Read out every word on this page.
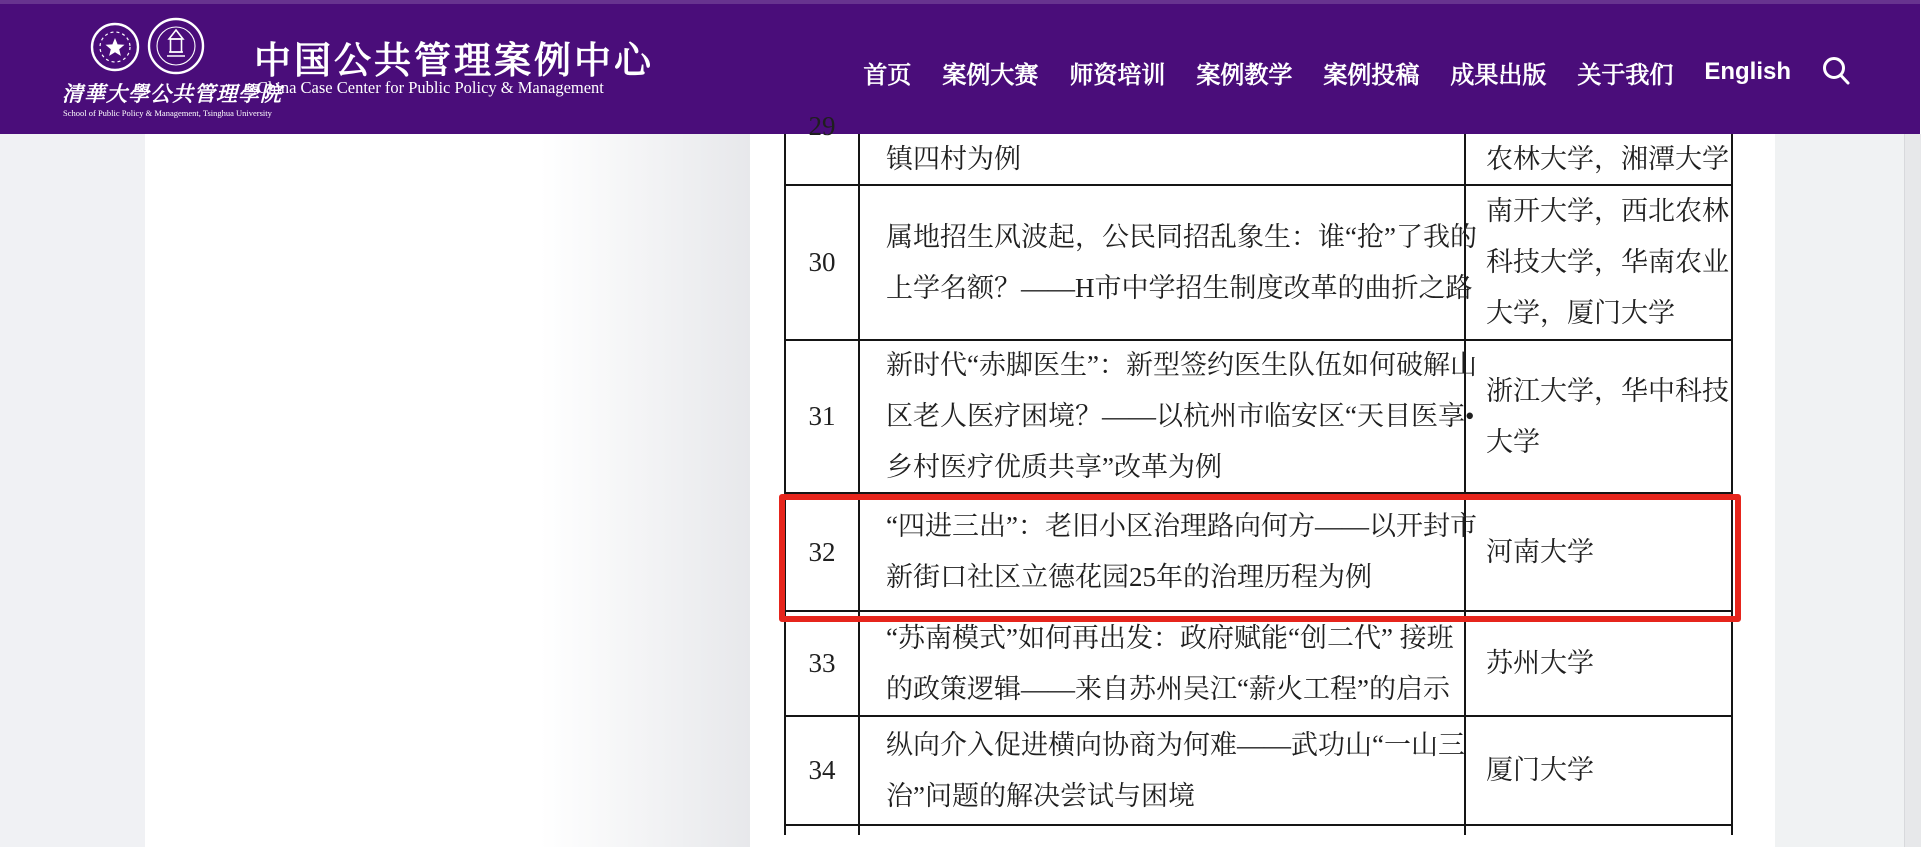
清華大學公共管理學院
School of Public Policy & Management, Tsinghua University
中国公共管理案例中心
China Case Center for Public Policy & Management	首页 案例大赛 师资培训 案例教学 案例投稿 成果出版 关于我们 English
29
镇四村为例	农林大学，湘潭大学
30
属地招生风波起，公民同招乱象生：谁“抢”了我的
上学名额？——H市中学招生制度改革的曲折之路
南开大学，西北农林
科技大学，华南农业
大学，厦门大学
31
新时代“赤脚医生”：新型签约医生队伍如何破解山
区老人医疗困境？——以杭州市临安区“天目医享•
乡村医疗优质共享”改革为例
浙江大学，华中科技
大学
32
“四进三出”：老旧小区治理路向何方——以开封市
新街口社区立德花园25年的治理历程为例
河南大学
33
“苏南模式”如何再出发：政府赋能“创二代” 接班
的政策逻辑——来自苏州吴江“薪火工程”的启示
苏州大学
34
纵向介入促进横向协商为何难——武功山“一山三
治”问题的解决尝试与困境
厦门大学
